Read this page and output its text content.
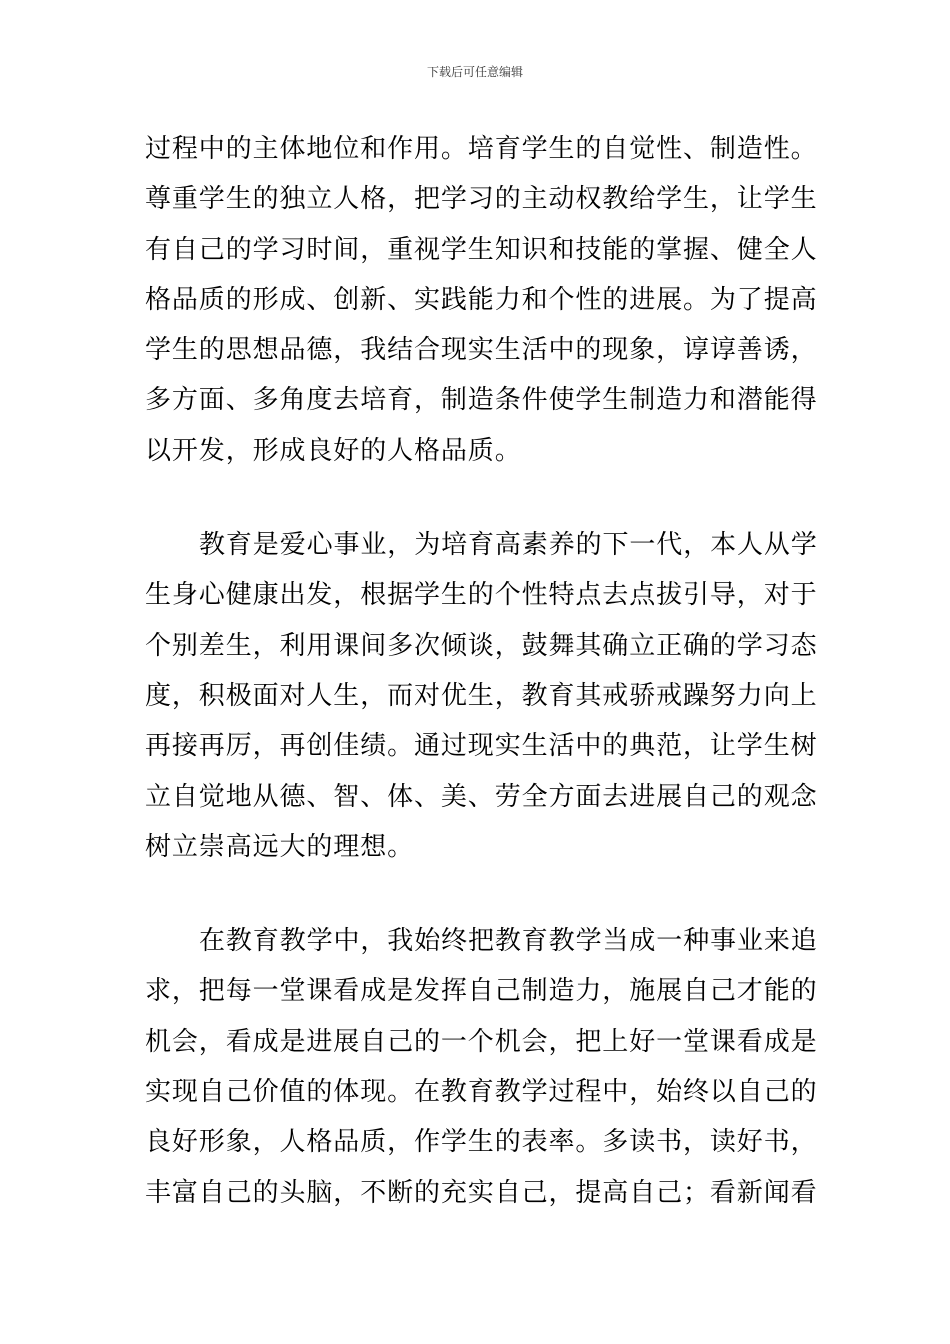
下载后可任意编辑
过程中的主体地位和作用。培育学生的自觉性、制造性。
尊重学生的独立人格，把学习的主动权教给学生，让学生
有自己的学习时间，重视学生知识和技能的掌握、健全人
格品质的形成、创新、实践能力和个性的进展。为了提高
学生的思想品德，我结合现实生活中的现象，谆谆善诱，
多方面、多角度去培育，制造条件使学生制造力和潜能得
以开发，形成良好的人格品质。
教育是爱心事业，为培育高素养的下一代，本人从学
生身心健康出发，根据学生的个性特点去点拔引导，对于
个别差生，利用课间多次倾谈，鼓舞其确立正确的学习态
度，积极面对人生，而对优生，教育其戒骄戒躁努力向上
再接再厉，再创佳绩。通过现实生活中的典范，让学生树
立自觉地从德、智、体、美、劳全方面去进展自己的观念
树立崇高远大的理想。
在教育教学中，我始终把教育教学当成一种事业来追
求，把每一堂课看成是发挥自己制造力，施展自己才能的
机会，看成是进展自己的一个机会，把上好一堂课看成是
实现自己价值的体现。在教育教学过程中，始终以自己的
良好形象，人格品质，作学生的表率。多读书，读好书，
丰富自己的头脑，不断的充实自己，提高自己；看新闻看
